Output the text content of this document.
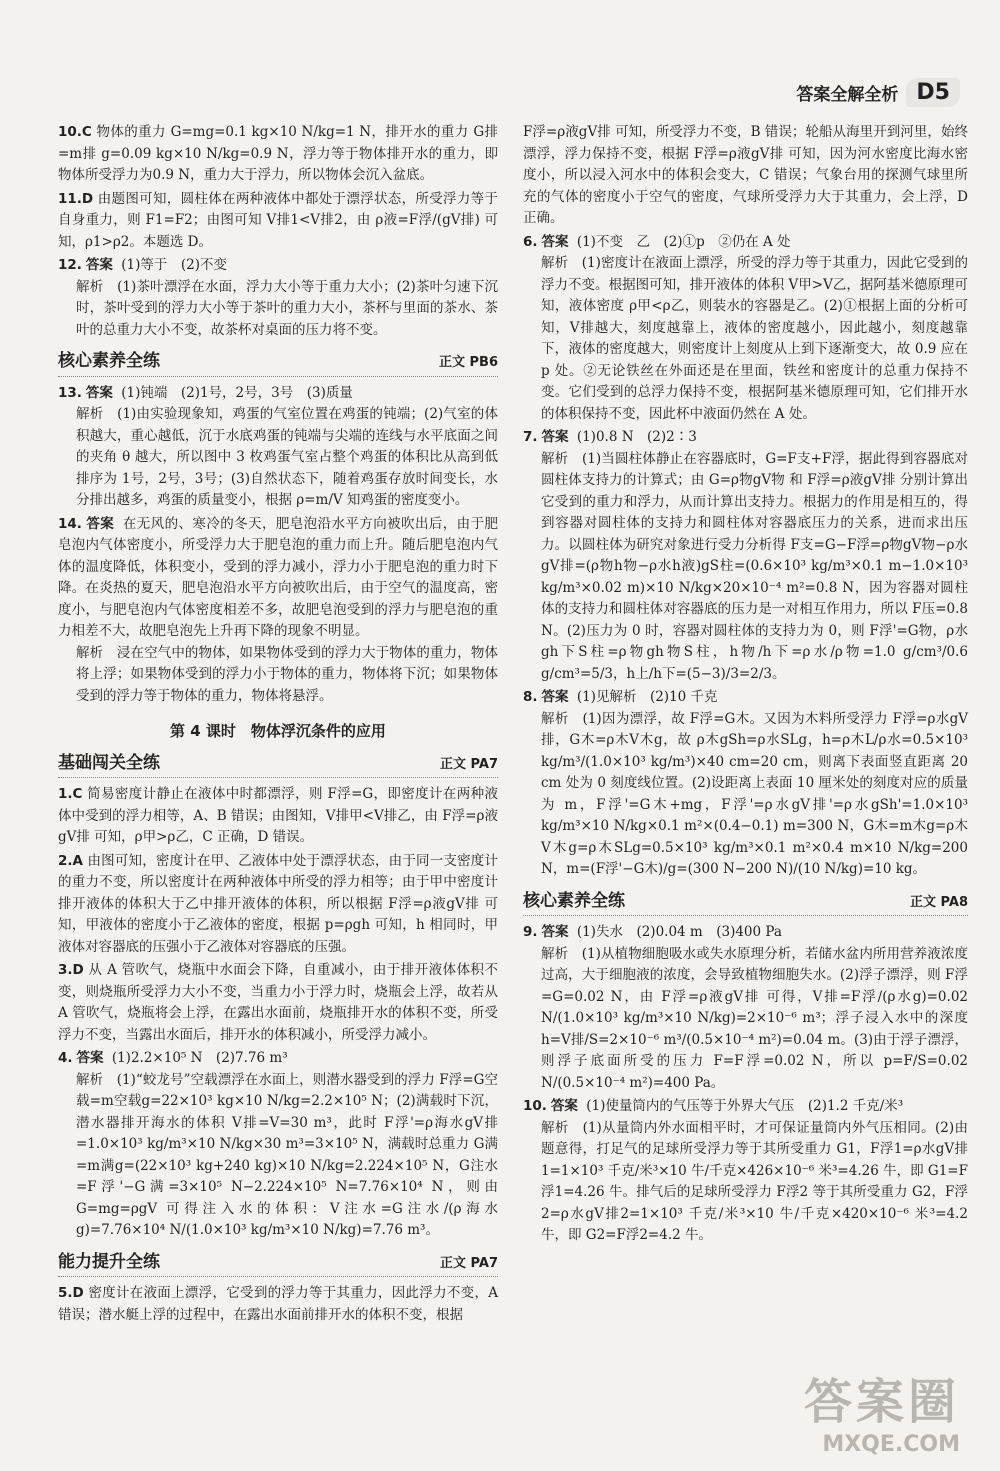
答案全解全析 D5
10.C 物体的重力 G=mg=0.1 kg×10 N/kg=1 N，排开水的重力 G排=m排 g=0.09 kg×10 N/kg=0.9 N，浮力等于物体排开水的重力，即物体所受浮力为0.9 N，重力大于浮力，所以物体会沉入盆底。
11.D 由题图可知，圆柱体在两种液体中都处于漂浮状态，所受浮力等于自身重力，则 F1=F2；由图可知 V排1<V排2，由 ρ液=F浮/(gV排) 可知，ρ1>ρ2。本题选 D。
12. 答案 (1)等于　(2)不变
解析　(1)茶叶漂浮在水面，浮力大小等于重力大小；(2)茶叶匀速下沉时，茶叶受到的浮力大小等于茶叶的重力大小，茶杯与里面的茶水、茶叶的总重力大小不变，故茶杯对桌面的压力将不变。
核心素养全练	正文 PB6
13. 答案 (1)钝端　(2)1号，2号，3号　(3)质量
解析　(1)由实验现象知，鸡蛋的气室位置在鸡蛋的钝端；(2)气室的体积越大，重心越低，沉于水底鸡蛋的钝端与尖端的连线与水平底面之间的夹角 θ 越大，所以图中 3 枚鸡蛋气室占整个鸡蛋的体积比从高到低排序为 1号，2号，3号；(3)自然状态下，随着鸡蛋存放时间变长，水分排出越多，鸡蛋的质量变小，根据 ρ=m/V 知鸡蛋的密度变小。
14. 答案 在无风的、寒冷的冬天，肥皂泡沿水平方向被吹出后，由于肥皂泡内气体密度小，所受浮力大于肥皂泡的重力而上升。随后肥皂泡内气体的温度降低，体积变小，受到的浮力减小，浮力小于肥皂泡的重力时下降。在炎热的夏天，肥皂泡沿水平方向被吹出后，由于空气的温度高，密度小，与肥皂泡内气体密度相差不多，故肥皂泡受到的浮力与肥皂泡的重力相差不大，故肥皂泡先上升再下降的现象不明显。
解析　浸在空气中的物体，如果物体受到的浮力大于物体的重力，物体将上浮；如果物体受到的浮力小于物体的重力，物体将下沉；如果物体受到的浮力等于物体的重力，物体将悬浮。
第 4 课时　物体浮沉条件的应用
基础闯关全练	正文 PA7
1.C 简易密度计静止在液体中时都漂浮，则 F浮=G，即密度计在两种液体中受到的浮力相等，A、B 错误；由图知，V排甲<V排乙，由 F浮=ρ液gV排 可知，ρ甲>ρ乙，C 正确，D 错误。
2.A 由图可知，密度计在甲、乙液体中处于漂浮状态，由于同一支密度计的重力不变，所以密度计在两种液体中所受的浮力相等；由于甲中密度计排开液体的体积大于乙中排开液体的体积，所以根据 F浮=ρ液gV排 可知，甲液体的密度小于乙液体的密度，根据 p=ρgh 可知，h 相同时，甲液体对容器底的压强小于乙液体对容器底的压强。
3.D 从 A 管吹气，烧瓶中水面会下降，自重减小，由于排开液体体积不变，则烧瓶所受浮力大小不变，当重力小于浮力时，烧瓶会上浮，故若从 A 管吹气，烧瓶将会上浮，在露出水面前，烧瓶排开水的体积不变，所受浮力不变，当露出水面后，排开水的体积减小，所受浮力减小。
4. 答案 (1)2.2×10⁵ N　(2)7.76 m³
解析　(1)“蛟龙号”空载漂浮在水面上，则潜水器受到的浮力 F浮=G空载=m空载g=22×10³ kg×10 N/kg=2.2×10⁵ N；(2)满载时下沉，潜水器排开海水的体积 V排=V=30 m³，此时 F浮'=ρ海水gV排=1.0×10³ kg/m³×10 N/kg×30 m³=3×10⁵ N，满载时总重力 G满=m满g=(22×10³ kg+240 kg)×10 N/kg=2.224×10⁵ N，G注水=F浮'−G满=3×10⁵ N−2.224×10⁵ N=7.76×10⁴ N，则由 G=mg=ρgV 可得注入水的体积：V注水=G注水/(ρ海水g)=7.76×10⁴ N/(1.0×10³ kg/m³×10 N/kg)=7.76 m³。
能力提升全练	正文 PA7
5.D 密度计在液面上漂浮，它受到的浮力等于其重力，因此浮力不变，A 错误；潜水艇上浮的过程中，在露出水面前排开水的体积不变，根据
F浮=ρ液gV排 可知，所受浮力不变，B 错误；轮船从海里开到河里，始终漂浮，浮力保持不变，根据 F浮=ρ液gV排 可知，因为河水密度比海水密度小，所以浸入河水中的体积会变大，C 错误；气象台用的探测气球里所充的气体的密度小于空气的密度，气球所受浮力大于其重力，会上浮，D 正确。
6. 答案 (1)不变　乙　(2)①p　②仍在 A 处
解析　(1)密度计在液面上漂浮，所受的浮力等于其重力，因此它受到的浮力不变。根据图可知，排开液体的体积 V甲>V乙，据阿基米德原理可知，液体密度 ρ甲<ρ乙，则装水的容器是乙。(2)①根据上面的分析可知，V排越大，刻度越靠上，液体的密度越小，因此越小，刻度越靠下，液体的密度越大，则密度计上刻度从上到下逐渐变大，故 0.9 应在 p 处。②无论铁丝在外面还是在里面，铁丝和密度计的总重力保持不变。它们受到的总浮力保持不变，根据阿基米德原理可知，它们排开水的体积保持不变，因此杯中液面仍然在 A 处。
7. 答案 (1)0.8 N　(2)2∶3
解析　(1)当圆柱体静止在容器底时，G=F支+F浮，据此得到容器底对圆柱体支持力的计算式；由 G=ρ物gV物 和 F浮=ρ液gV排 分别计算出它受到的重力和浮力，从而计算出支持力。根据力的作用是相互的，得到容器对圆柱体的支持力和圆柱体对容器底压力的关系，进而求出压力。以圆柱体为研究对象进行受力分析得 F支=G−F浮=ρ物gV物−ρ水gV排=(ρ物h物−ρ水h液)gS柱=(0.6×10³ kg/m³×0.1 m−1.0×10³ kg/m³×0.02 m)×10 N/kg×20×10⁻⁴ m²=0.8 N，因为容器对圆柱体的支持力和圆柱体对容器底的压力是一对相互作用力，所以 F压=0.8 N。(2)压力为 0 时，容器对圆柱体的支持力为 0，则 F浮'=G物，ρ水gh下S柱=ρ物gh物S柱，h物/h下=ρ水/ρ物=1.0 g/cm³/0.6 g/cm³=5/3，h上/h下=(5−3)/3=2/3。
8. 答案 (1)见解析　(2)10 千克
解析　(1)因为漂浮，故 F浮=G木。又因为木料所受浮力 F浮=ρ水gV排，G木=ρ木V木g，故 ρ木gSh=ρ水SLg，h=ρ木L/ρ水=0.5×10³ kg/m³/(1.0×10³ kg/m³)×40 cm=20 cm，则离下表面竖直距离 20 cm 处为 0 刻度线位置。(2)设距离上表面 10 厘米处的刻度对应的质量为 m，F浮'=G木+mg，F浮'=ρ水gV排'=ρ水gSh'=1.0×10³ kg/m³×10 N/kg×0.1 m²×(0.4−0.1) m=300 N，G木=m木g=ρ木V木g=ρ木SLg=0.5×10³ kg/m³×0.1 m²×0.4 m×10 N/kg=200 N，m=(F浮'−G木)/g=(300 N−200 N)/(10 N/kg)=10 kg。
核心素养全练	正文 PA8
9. 答案 (1)失水　(2)0.04 m　(3)400 Pa
解析　(1)从植物细胞吸水或失水原理分析，若储水盆内所用营养液浓度过高，大于细胞液的浓度，会导致植物细胞失水。(2)浮子漂浮，则 F浮=G=0.02 N，由 F浮=ρ液gV排 可得，V排=F浮/(ρ水g)=0.02 N/(1.0×10³ kg/m³×10 N/kg)=2×10⁻⁶ m³；浮子浸入水中的深度 h=V排/S=2×10⁻⁶ m³/(0.5×10⁻⁴ m²)=0.04 m。(3)由于浮子漂浮，则浮子底面所受的压力 F=F浮=0.02 N，所以 p=F/S=0.02 N/(0.5×10⁻⁴ m²)=400 Pa。
10. 答案 (1)使量筒内的气压等于外界大气压　(2)1.2 千克/米³
解析　(1)从量筒内外水面相平时，才可保证量筒内外气压相同。(2)由题意得，打足气的足球所受浮力等于其所受重力 G1，F浮1=ρ水gV排1=1×10³ 千克/米³×10 牛/千克×426×10⁻⁶ 米³=4.26 牛，即 G1=F浮1=4.26 牛。排气后的足球所受浮力 F浮2 等于其所受重力 G2，F浮2=ρ水gV排2=1×10³ 千克/米³×10 牛/千克×420×10⁻⁶ 米³=4.2 牛，即 G2=F浮2=4.2 牛。
答案圈
MXQE.COM
